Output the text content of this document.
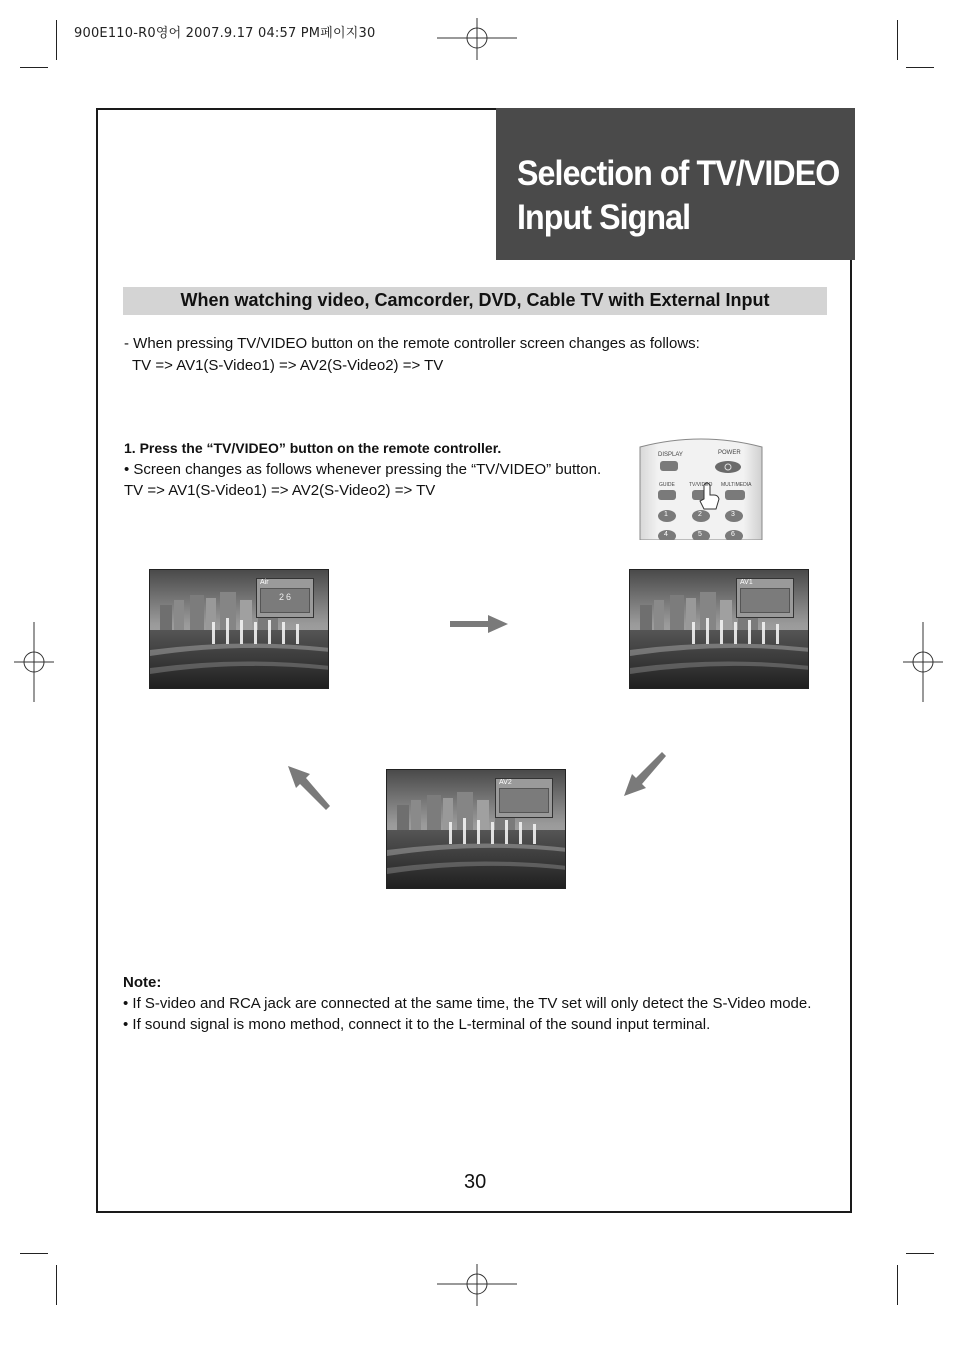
900E110-R0영어 2007.9.17 04:57 PM페이지30
Selection of TV/VIDEO
Input Signal
When watching video, Camcorder, DVD, Cable TV with External Input
- When pressing TV/VIDEO button on the remote controller screen changes as follows:
TV => AV1(S-Video1) => AV2(S-Video2) => TV
1. Press the “TV/VIDEO” button on the remote controller.
• Screen changes as follows whenever pressing the “TV/VIDEO” button.
TV => AV1(S-Video1) => AV2(S-Video2) => TV
DISPLAY	POWER
GUIDE	TV/VIDEO MULTIMEDIA
1	2	3
4	5	6
Air
26
AV1
AV2
Note:
• If S-video and RCA jack are connected at the same time, the TV set will only detect the S-Video mode.
• If sound signal is mono method, connect it to the L-terminal of the sound input terminal.
30
